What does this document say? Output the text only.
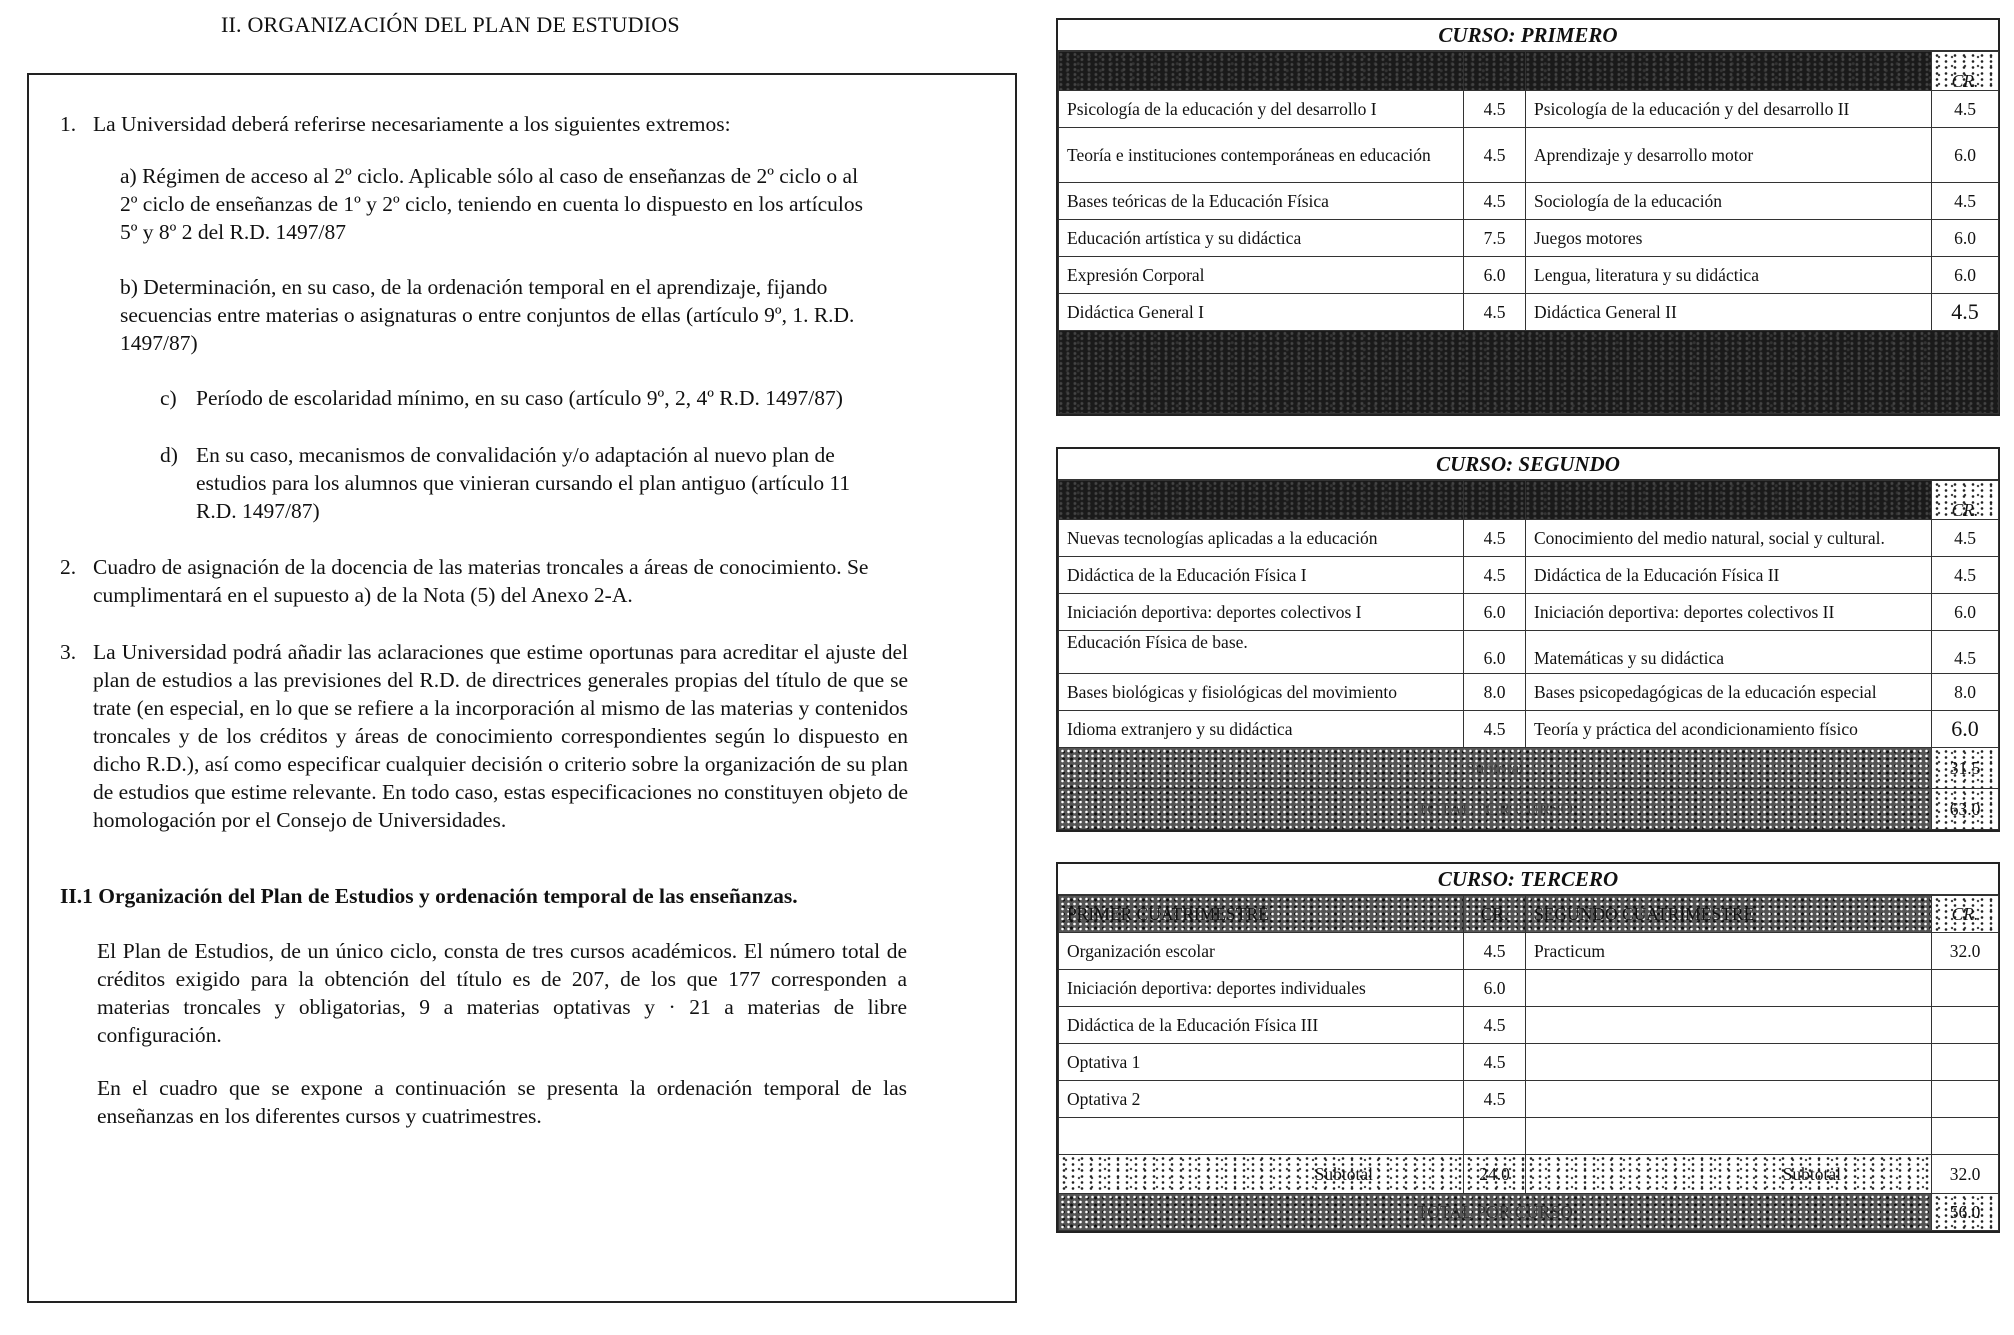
II. ORGANIZACIÓN DEL PLAN DE ESTUDIOS
1. La Universidad deberá referirse necesariamente a los siguientes extremos:
a) Régimen de acceso al 2º ciclo. Aplicable sólo al caso de enseñanzas de 2º ciclo o al 2º ciclo de enseñanzas de 1º y 2º ciclo, teniendo en cuenta lo dispuesto en los artículos 5º y 8º 2 del R.D. 1497/87
b) Determinación, en su caso, de la ordenación temporal en el aprendizaje, fijando secuencias entre materias o asignaturas o entre conjuntos de ellas (artículo 9º, 1. R.D. 1497/87)
c) Período de escolaridad mínimo, en su caso (artículo 9º, 2, 4º R.D. 1497/87)
d) En su caso, mecanismos de convalidación y/o adaptación al nuevo plan de estudios para los alumnos que vinieran cursando el plan antiguo (artículo 11 R.D. 1497/87)
2. Cuadro de asignación de la docencia de las materias troncales a áreas de conocimiento. Se cumplimentará en el supuesto a) de la Nota (5) del Anexo 2-A.
3. La Universidad podrá añadir las aclaraciones que estime oportunas para acreditar el ajuste del plan de estudios a las previsiones del R.D. de directrices generales propias del título de que se trate (en especial, en lo que se refiere a la incorporación al mismo de las materias y contenidos troncales y de los créditos y áreas de conocimiento correspondientes según lo dispuesto en dicho R.D.), así como especificar cualquier decisión o criterio sobre la organización de su plan de estudios que estime relevante. En todo caso, estas especificaciones no constituyen objeto de homologación por el Consejo de Universidades.
II.1 Organización del Plan de Estudios y ordenación temporal de las enseñanzas.
El Plan de Estudios, de un único ciclo, consta de tres cursos académicos. El número total de créditos exigido para la obtención del título es de 207, de los que 177 corresponden a materias troncales y obligatorias, 9 a materias optativas y · 21 a materias de libre configuración.
En el cuadro que se expone a continuación se presenta la ordenación temporal de las enseñanzas en los diferentes cursos y cuatrimestres.
CURSO: PRIMERO
			CR.
Psicología de la educación y del desarrollo I	4.5	Psicología de la educación y del desarrollo II	4.5
Teoría e instituciones contemporáneas en educación	4.5	Aprendizaje y desarrollo motor	6.0
Bases teóricas de la Educación Física	4.5	Sociología de la educación	4.5
Educación artística y su didáctica	7.5	Juegos motores	6.0
Expresión Corporal	6.0	Lengua, literatura y su didáctica	6.0
Didáctica General I	4.5	Didáctica General II	4.5

CURSO: SEGUNDO
			CR.
Nuevas tecnologías aplicadas a la educación	4.5	Conocimiento del medio natural, social y cultural.	4.5
Didáctica de la Educación Física I	4.5	Didáctica de la Educación Física II	4.5
Iniciación deportiva: deportes colectivos I	6.0	Iniciación deportiva: deportes colectivos II	6.0
Educación Física de base.	6.0	Matemáticas y su didáctica	4.5
Bases biológicas y fisiológicas del movimiento	8.0	Bases psicopedagógicas de la educación especial	8.0
Idioma extranjero y su didáctica	4.5	Teoría y práctica del acondicionamiento físico	6.0
Subtotal			31.5
TOTAL POR CURSO			63.0
CURSO: TERCERO
PRIMER CUATRIMESTRE	CR.	SEGUNDO CUATRIMESTRE	CR.
Organización escolar	4.5	Practicum	32.0
Iniciación deportiva: deportes individuales	6.0		
Didáctica de la Educación Física III	4.5		
Optativa 1	4.5		
Optativa 2	4.5		

Subtotal	24.0	Subtotal	32.0
TOTAL POR CURSO			56.0
